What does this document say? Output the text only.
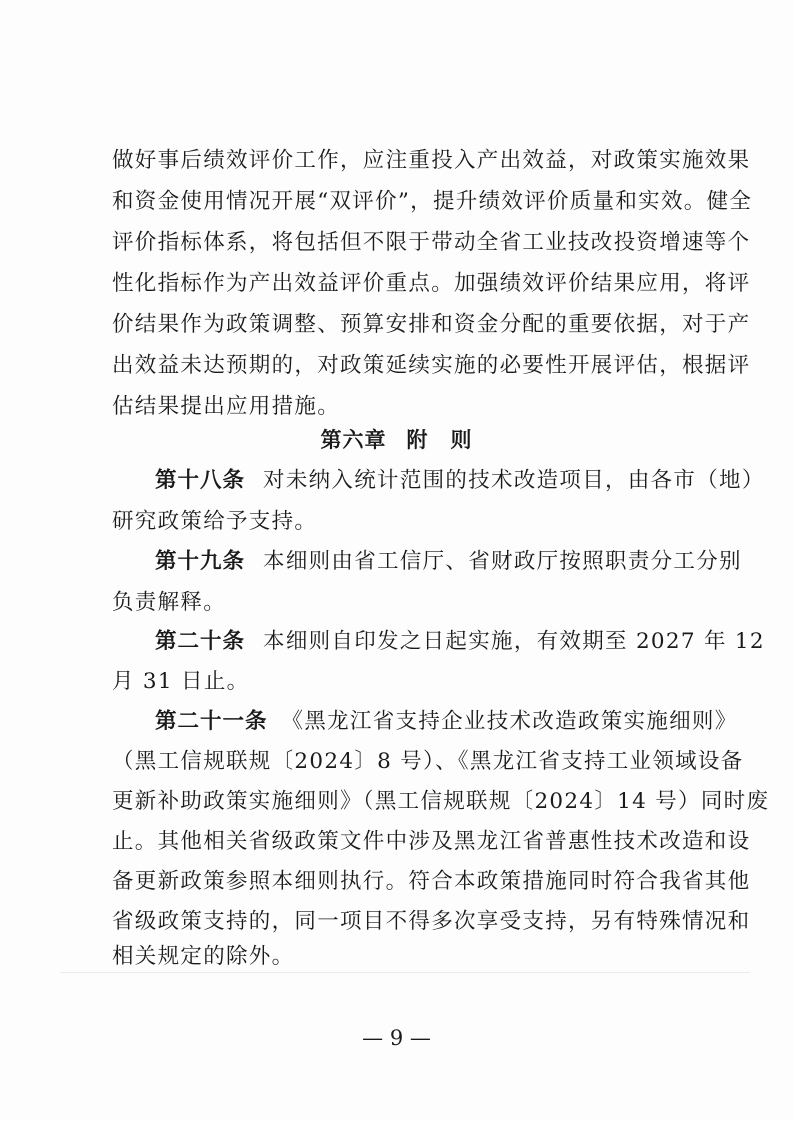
做好事后绩效评价工作，应注重投入产出效益，对政策实施效果
和资金使用情况开展“双评价”，提升绩效评价质量和实效。健全
评价指标体系，将包括但不限于带动全省工业技改投资增速等个
性化指标作为产出效益评价重点。加强绩效评价结果应用，将评
价结果作为政策调整、预算安排和资金分配的重要依据，对于产
出效益未达预期的，对政策延续实施的必要性开展评估，根据评
估结果提出应用措施。
第六章 附　则
第十八条 对未纳入统计范围的技术改造项目，由各市（地）
研究政策给予支持。
第十九条 本细则由省工信厅、省财政厅按照职责分工分别
负责解释。
第二十条 本细则自印发之日起实施，有效期至 2027 年 12
月 31 日止。
第二十一条 《黑龙江省支持企业技术改造政策实施细则》
（黑工信规联规〔2024〕8 号）、《黑龙江省支持工业领域设备
更新补助政策实施细则》（黑工信规联规〔2024〕14 号）同时废
止。其他相关省级政策文件中涉及黑龙江省普惠性技术改造和设
备更新政策参照本细则执行。符合本政策措施同时符合我省其他
省级政策支持的，同一项目不得多次享受支持，另有特殊情况和
相关规定的除外。
— 9 —
